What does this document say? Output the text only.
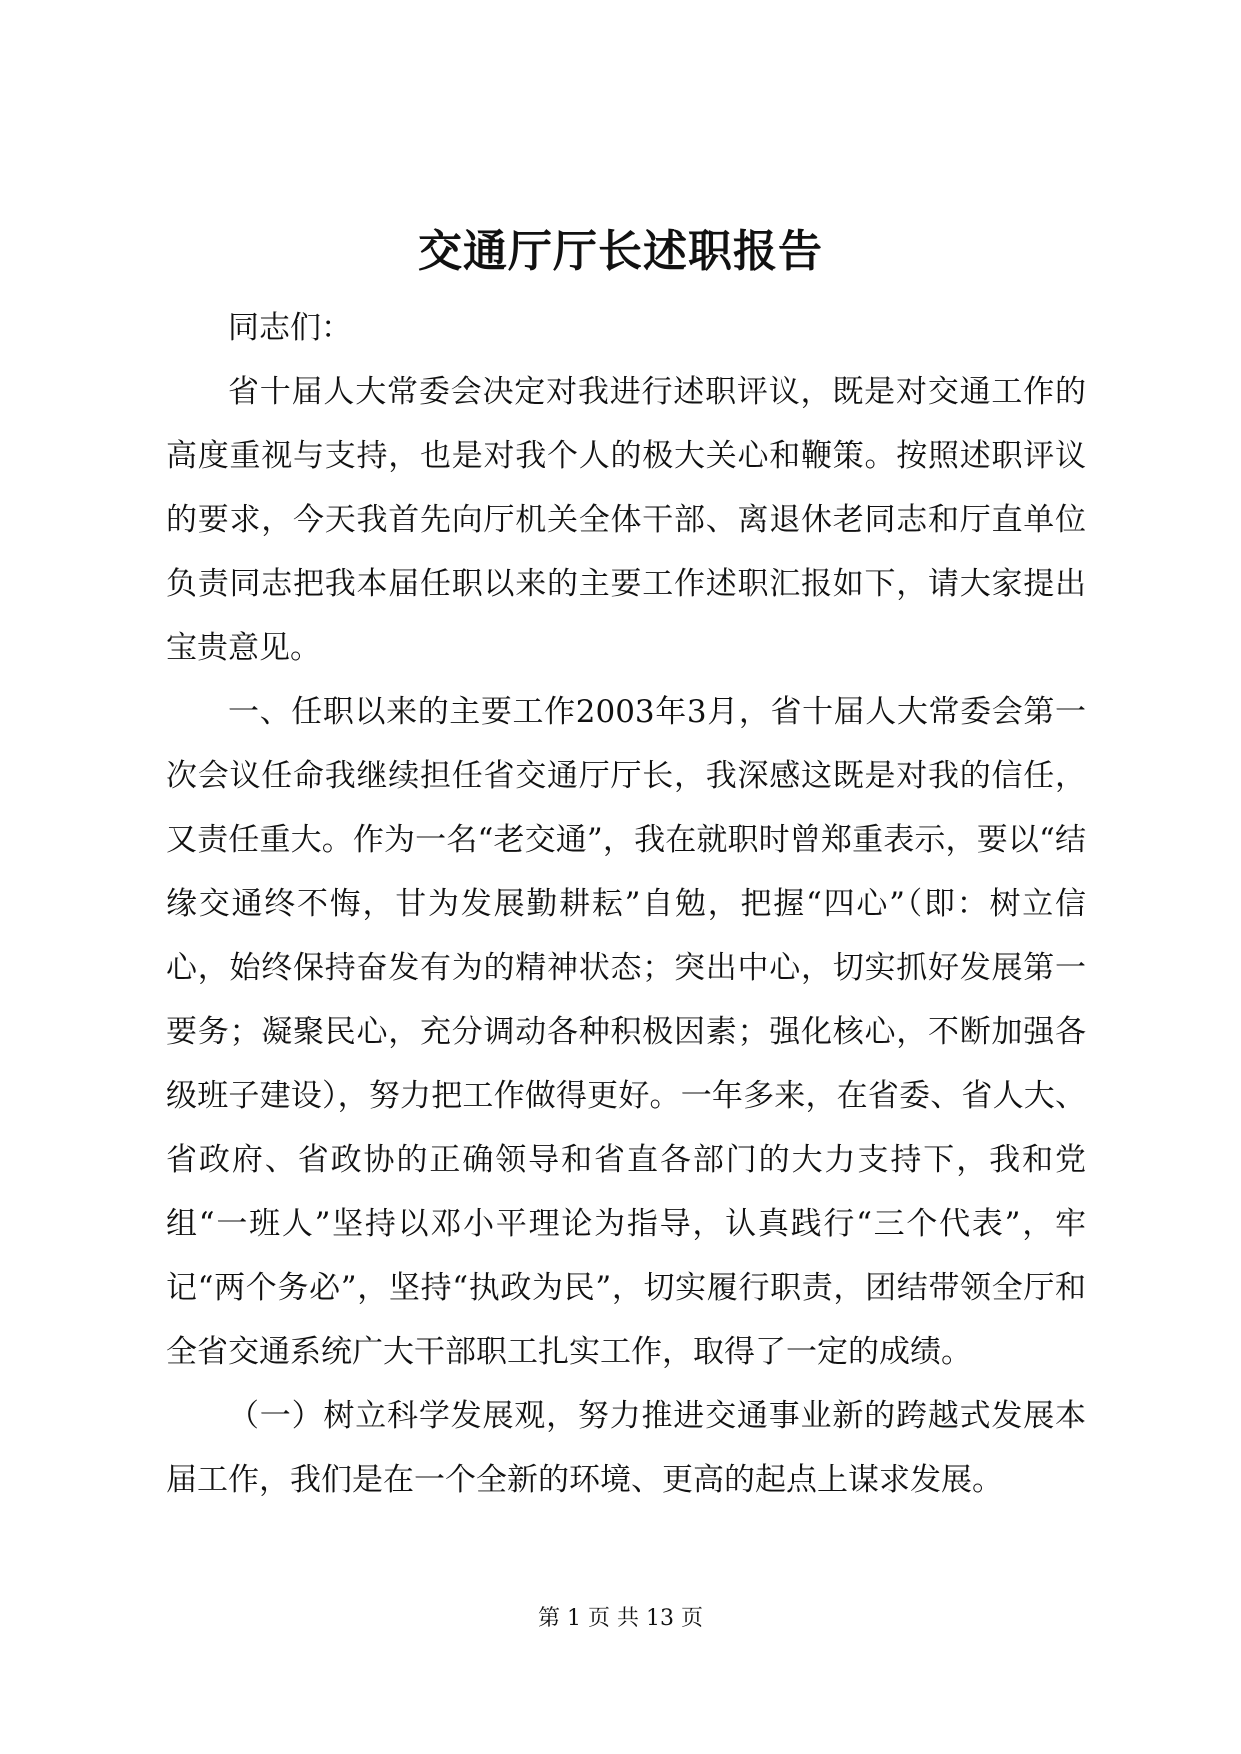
交通厅厅长述职报告

同志们：

省十届人大常委会决定对我进行述职评议，既是对交通工作的高度重视与支持，也是对我个人的极大关心和鞭策。按照述职评议的要求，今天我首先向厅机关全体干部、离退休老同志和厅直单位负责同志把我本届任职以来的主要工作述职汇报如下，请大家提出宝贵意见。

一、任职以来的主要工作2003年3月，省十届人大常委会第一次会议任命我继续担任省交通厅厅长，我深感这既是对我的信任，又责任重大。作为一名“老交通”，我在就职时曾郑重表示，要以“结缘交通终不悔，甘为发展勤耕耘”自勉，把握“四心”（即：树立信心，始终保持奋发有为的精神状态；突出中心，切实抓好发展第一要务；凝聚民心，充分调动各种积极因素；强化核心，不断加强各级班子建设），努力把工作做得更好。一年多来，在省委、省人大、省政府、省政协的正确领导和省直各部门的大力支持下，我和党组“一班人”坚持以邓小平理论为指导，认真践行“三个代表”，牢记“两个务必”，坚持“执政为民”，切实履行职责，团结带领全厅和全省交通系统广大干部职工扎实工作，取得了一定的成绩。

（一）树立科学发展观，努力推进交通事业新的跨越式发展本届工作，我们是在一个全新的环境、更高的起点上谋求发展。

第 1 页 共 13 页
